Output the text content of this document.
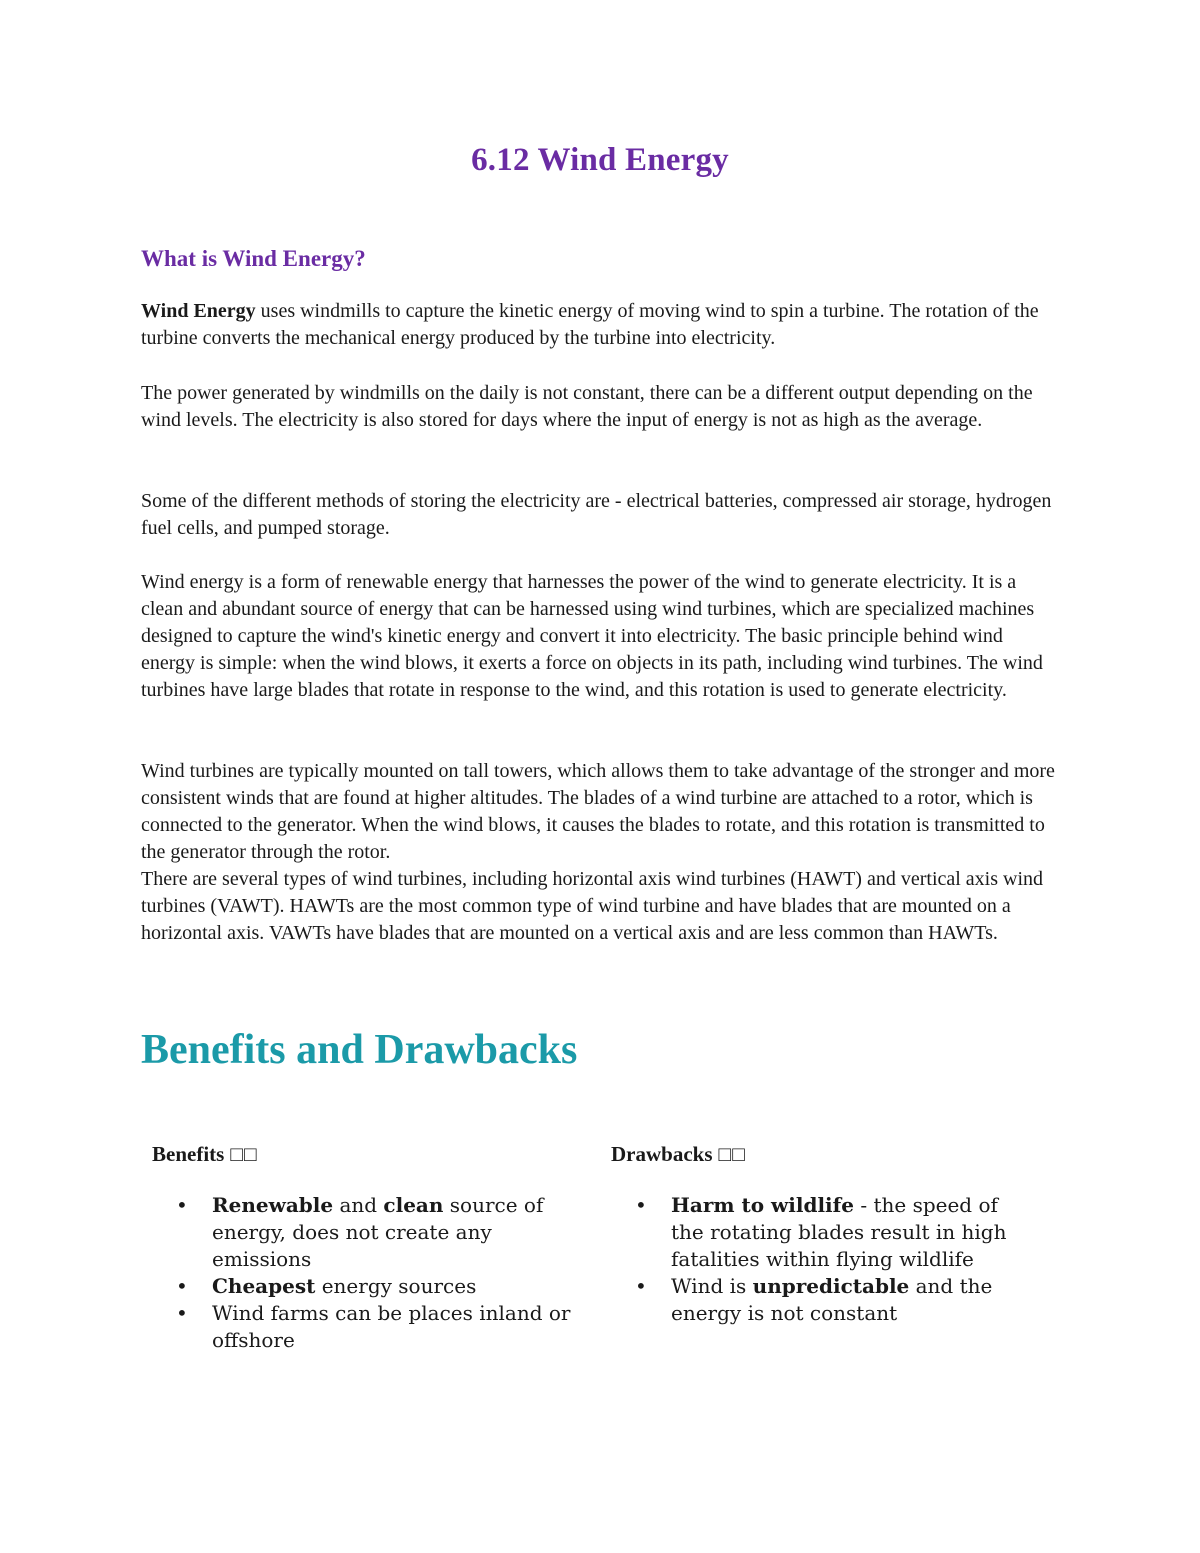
6.12 Wind Energy
What is Wind Energy?

Wind Energy uses windmills to capture the kinetic energy of moving wind to spin a turbine. The rotation of the turbine converts the mechanical energy produced by the turbine into electricity.

The power generated by windmills on the daily is not constant, there can be a different output depending on the wind levels. The electricity is also stored for days where the input of energy is not as high as the average.

Some of the different methods of storing the electricity are - electrical batteries, compressed air storage, hydrogen fuel cells, and pumped storage.

Wind energy is a form of renewable energy that harnesses the power of the wind to generate electricity. It is a clean and abundant source of energy that can be harnessed using wind turbines, which are specialized machines designed to capture the wind's kinetic energy and convert it into electricity. The basic principle behind wind energy is simple: when the wind blows, it exerts a force on objects in its path, including wind turbines. The wind turbines have large blades that rotate in response to the wind, and this rotation is used to generate electricity.

Wind turbines are typically mounted on tall towers, which allows them to take advantage of the stronger and more consistent winds that are found at higher altitudes. The blades of a wind turbine are attached to a rotor, which is connected to the generator. When the wind blows, it causes the blades to rotate, and this rotation is transmitted to the generator through the rotor.
There are several types of wind turbines, including horizontal axis wind turbines (HAWT) and vertical axis wind turbines (VAWT). HAWTs are the most common type of wind turbine and have blades that are mounted on a horizontal axis. VAWTs have blades that are mounted on a vertical axis and are less common than HAWTs.

Benefits and Drawbacks
Benefits □□
• Renewable and clean source of energy, does not create any emissions
• Cheapest energy sources
• Wind farms can be places inland or offshore
Drawbacks □□
• Harm to wildlife - the speed of the rotating blades result in high fatalities within flying wildlife
• Wind is unpredictable and the energy is not constant
